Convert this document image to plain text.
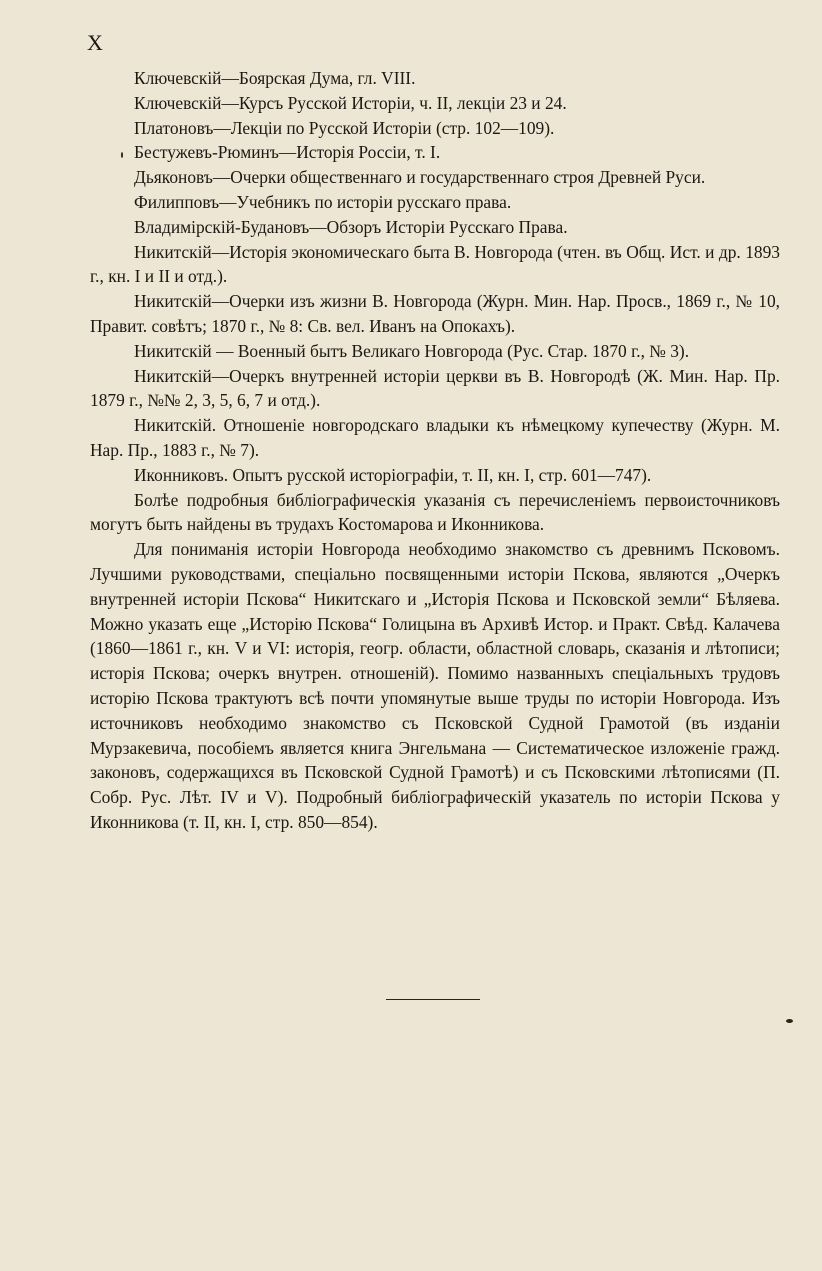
X

Ключевскій—Боярская Дума, гл. VIII.

Ключевскій—Курсъ Русской Исторіи, ч. II, лекціи 23 и 24.

Платоновъ—Лекціи по Русской Исторіи (стр. 102—109).

Бестужевъ-Рюминъ—Исторія Россіи, т. I.

Дьяконовъ—Очерки общественнаго и государственнаго строя Древней Руси.

Филипповъ—Учебникъ по исторіи русскаго права.

Владимірскій-Будановъ—Обзоръ Исторіи Русскаго Права.

Никитскій—Исторія экономическаго быта В. Новгорода (чтен. въ Общ. Ист. и др. 1893 г., кн. I и II и отд.).

Никитскій—Очерки изъ жизни В. Новгорода (Журн. Мин. Нар. Просв., 1869 г., № 10, Правит. совѣтъ; 1870 г., № 8: Св. вел. Иванъ на Опокахъ).

Никитскій — Военный бытъ Великаго Новгорода (Рус. Стар. 1870 г., № 3).

Никитскій—Очеркъ внутренней исторіи церкви въ В. Новгородѣ (Ж. Мин. Нар. Пр. 1879 г., №№ 2, 3, 5, 6, 7 и отд.).

Никитскій. Отношеніе новгородскаго владыки къ нѣмецкому купечеству (Журн. М. Нар. Пр., 1883 г., № 7).

Иконниковъ. Опытъ русской исторіографіи, т. II, кн. I, стр. 601—747).

Болѣе подробныя библіографическія указанія съ перечисленіемъ первоисточниковъ могутъ быть найдены въ трудахъ Костомарова и Иконникова.

Для пониманія исторіи Новгорода необходимо знакомство съ древнимъ Псковомъ. Лучшими руководствами, спеціально посвященными исторіи Пскова, являются „Очеркъ внутренней исторіи Пскова“ Никитскаго и „Исторія Пскова и Псковской земли“ Бѣляева. Можно указать еще „Исторію Пскова“ Голицына въ Архивѣ Истор. и Практ. Свѣд. Калачева (1860—1861 г., кн. V и VI: исторія, геогр. области, областной словарь, сказанія и лѣтописи; исторія Пскова; очеркъ внутрен. отношеній). Помимо названныхъ спеціальныхъ трудовъ исторію Пскова трактуютъ всѣ почти упомянутые выше труды по исторіи Новгорода. Изъ источниковъ необходимо знакомство съ Псковской Судной Грамотой (въ изданіи Мурзакевича, пособіемъ является книга Энгельмана — Систематическое изложеніе гражд. законовъ, содержащихся въ Псковской Судной Грамотѣ) и съ Псковскими лѣтописями (П. Собр. Рус. Лѣт. IV и V). Подробный библіографическій указатель по исторіи Пскова у Иконникова (т. II, кн. I, стр. 850—854).
